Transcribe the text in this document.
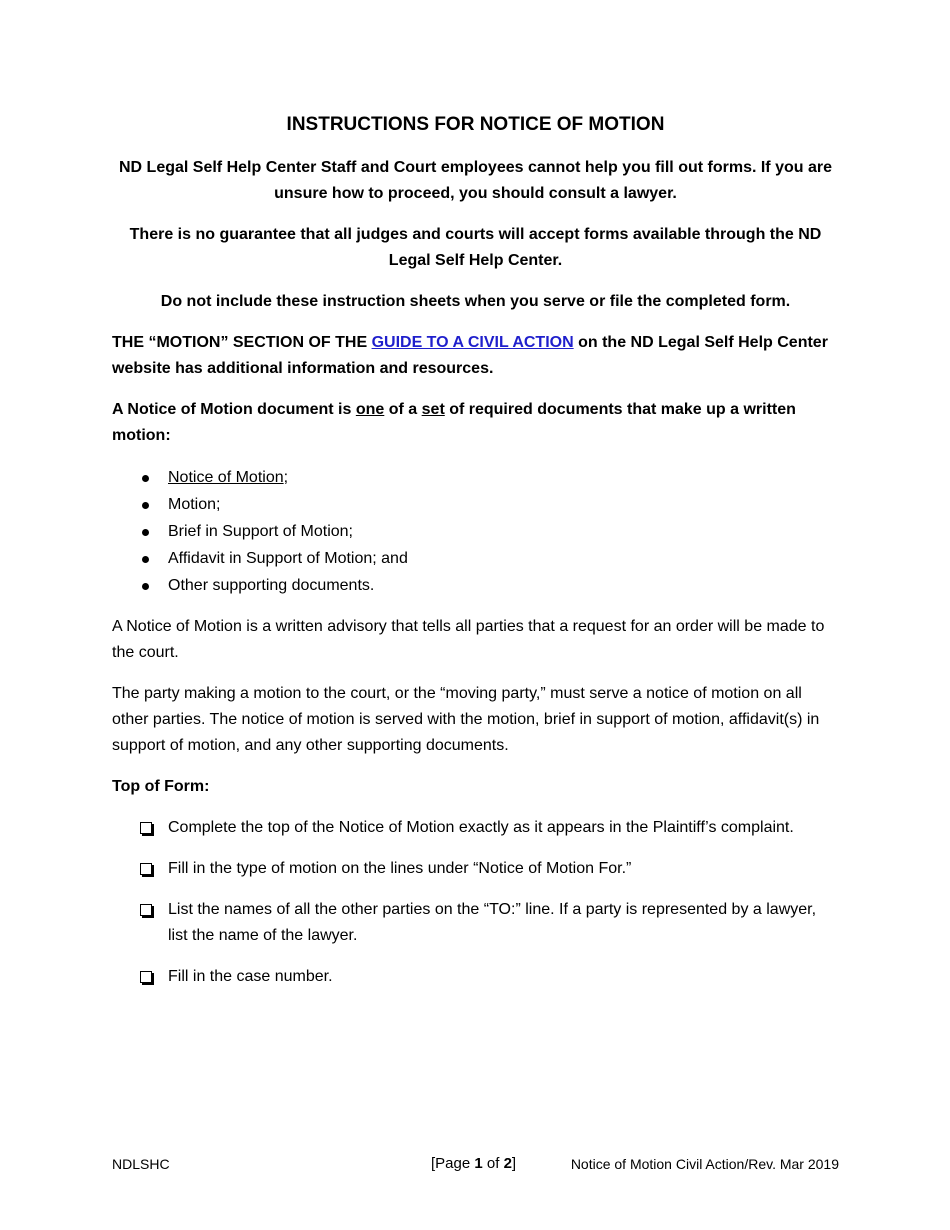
INSTRUCTIONS FOR NOTICE OF MOTION
ND Legal Self Help Center Staff and Court employees cannot help you fill out forms. If you are unsure how to proceed, you should consult a lawyer.
There is no guarantee that all judges and courts will accept forms available through the ND Legal Self Help Center.
Do not include these instruction sheets when you serve or file the completed form.
THE “MOTION” SECTION OF THE GUIDE TO A CIVIL ACTION on the ND Legal Self Help Center website has additional information and resources.
A Notice of Motion document is one of a set of required documents that make up a written motion:
Notice of Motion;
Motion;
Brief in Support of Motion;
Affidavit in Support of Motion; and
Other supporting documents.
A Notice of Motion is a written advisory that tells all parties that a request for an order will be made to the court.
The party making a motion to the court, or the “moving party,” must serve a notice of motion on all other parties. The notice of motion is served with the motion, brief in support of motion, affidavit(s) in support of motion, and any other supporting documents.
Top of Form:
Complete the top of the Notice of Motion exactly as it appears in the Plaintiff’s complaint.
Fill in the type of motion on the lines under “Notice of Motion For.”
List the names of all the other parties on the “TO:” line. If a party is represented by a lawyer, list the name of the lawyer.
Fill in the case number.
NDLSHC	[Page 1 of 2]	Notice of Motion Civil Action/Rev. Mar 2019
